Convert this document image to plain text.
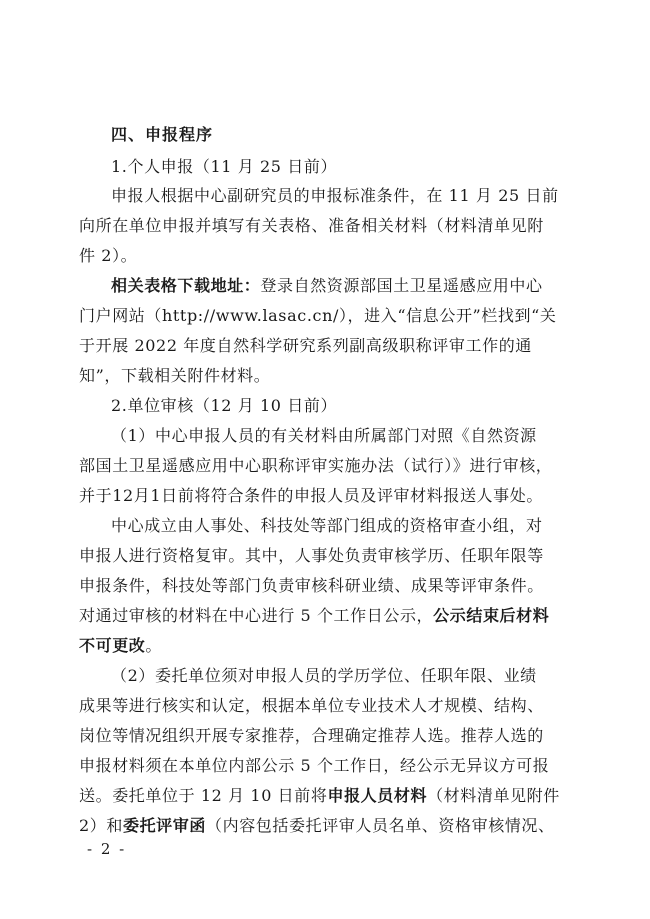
四、申报程序
1.个人申报（11 月 25 日前）
申报人根据中心副研究员的申报标准条件，在 11 月 25 日前
向所在单位申报并填写有关表格、准备相关材料（材料清单见附
件 2）。
相关表格下载地址：登录自然资源部国土卫星遥感应用中心
门户网站（http://www.lasac.cn/），进入“信息公开”栏找到“关
于开展 2022 年度自然科学研究系列副高级职称评审工作的通
知”，下载相关附件材料。
2.单位审核（12 月 10 日前）
（1）中心申报人员的有关材料由所属部门对照《自然资源
部国土卫星遥感应用中心职称评审实施办法（试行）》进行审核，
并于12月1日前将符合条件的申报人员及评审材料报送人事处。
中心成立由人事处、科技处等部门组成的资格审查小组，对
申报人进行资格复审。其中，人事处负责审核学历、任职年限等
申报条件，科技处等部门负责审核科研业绩、成果等评审条件。
对通过审核的材料在中心进行 5 个工作日公示，公示结束后材料
不可更改。
（2）委托单位须对申报人员的学历学位、任职年限、业绩
成果等进行核实和认定，根据本单位专业技术人才规模、结构、
岗位等情况组织开展专家推荐，合理确定推荐人选。推荐人选的
申报材料须在本单位内部公示 5 个工作日，经公示无异议方可报
送。委托单位于 12 月 10 日前将申报人员材料（材料清单见附件
2）和委托评审函（内容包括委托评审人员名单、资格审核情况、
- 2 -
